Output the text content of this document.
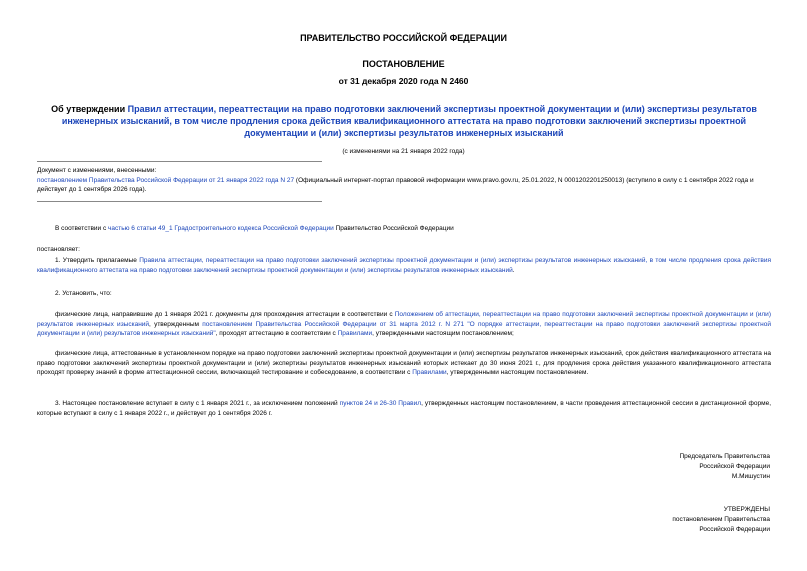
ПРАВИТЕЛЬСТВО РОССИЙСКОЙ ФЕДЕРАЦИИ
ПОСТАНОВЛЕНИЕ
от 31 декабря 2020 года N 2460
Об утверждении Правил аттестации, переаттестации на право подготовки заключений экспертизы проектной документации и (или) экспертизы результатов инженерных изысканий, в том числе продления срока действия квалификационного аттестата на право подготовки заключений экспертизы проектной документации и (или) экспертизы результатов инженерных изысканий
(с изменениями на 21 января 2022 года)
Документ с изменениями, внесенными:
постановлением Правительства Российской Федерации от 21 января 2022 года N 27 (Официальный интернет-портал правовой информации www.pravo.gov.ru, 25.01.2022, N 0001202201250013) (вступило в силу с 1 сентября 2022 года и действует до 1 сентября 2026 года).
В соответствии с частью 6 статьи 49_1 Градостроительного кодекса Российской Федерации Правительство Российской Федерации
постановляет:
1. Утвердить прилагаемые Правила аттестации, переаттестации на право подготовки заключений экспертизы проектной документации и (или) экспертизы результатов инженерных изысканий, в том числе продления срока действия квалификационного аттестата на право подготовки заключений экспертизы проектной документации и (или) экспертизы результатов инженерных изысканий.
2. Установить, что:
физические лица, направившие до 1 января 2021 г. документы для прохождения аттестации в соответствии с Положением об аттестации, переаттестации на право подготовки заключений экспертизы проектной документации и (или) результатов инженерных изысканий, утвержденным постановлением Правительства Российской Федерации от 31 марта 2012 г. N 271 "О порядке аттестации, переаттестации на право подготовки заключений экспертизы проектной документации и (или) результатов инженерных изысканий", проходят аттестацию в соответствии с Правилами, утвержденными настоящим постановлением;
физические лица, аттестованные в установленном порядке на право подготовки заключений экспертизы проектной документации и (или) экспертизы результатов инженерных изысканий, срок действия квалификационного аттестата на право подготовки заключений экспертизы проектной документации и (или) экспертизы результатов инженерных изысканий которых истекает до 30 июня 2021 г., для продления срока действия указанного квалификационного аттестата проходят проверку знаний в форме аттестационной сессии, включающей тестирование и собеседование, в соответствии с Правилами, утвержденными настоящим постановлением.
3. Настоящее постановление вступает в силу с 1 января 2021 г., за исключением положений пунктов 24 и 26-30 Правил, утвержденных настоящим постановлением, в части проведения аттестационной сессии в дистанционной форме, которые вступают в силу с 1 января 2022 г., и действует до 1 сентября 2026 г.
Председатель Правительства
Российской Федерации
М.Мишустин
УТВЕРЖДЕНЫ
постановлением Правительства
Российской Федерации
